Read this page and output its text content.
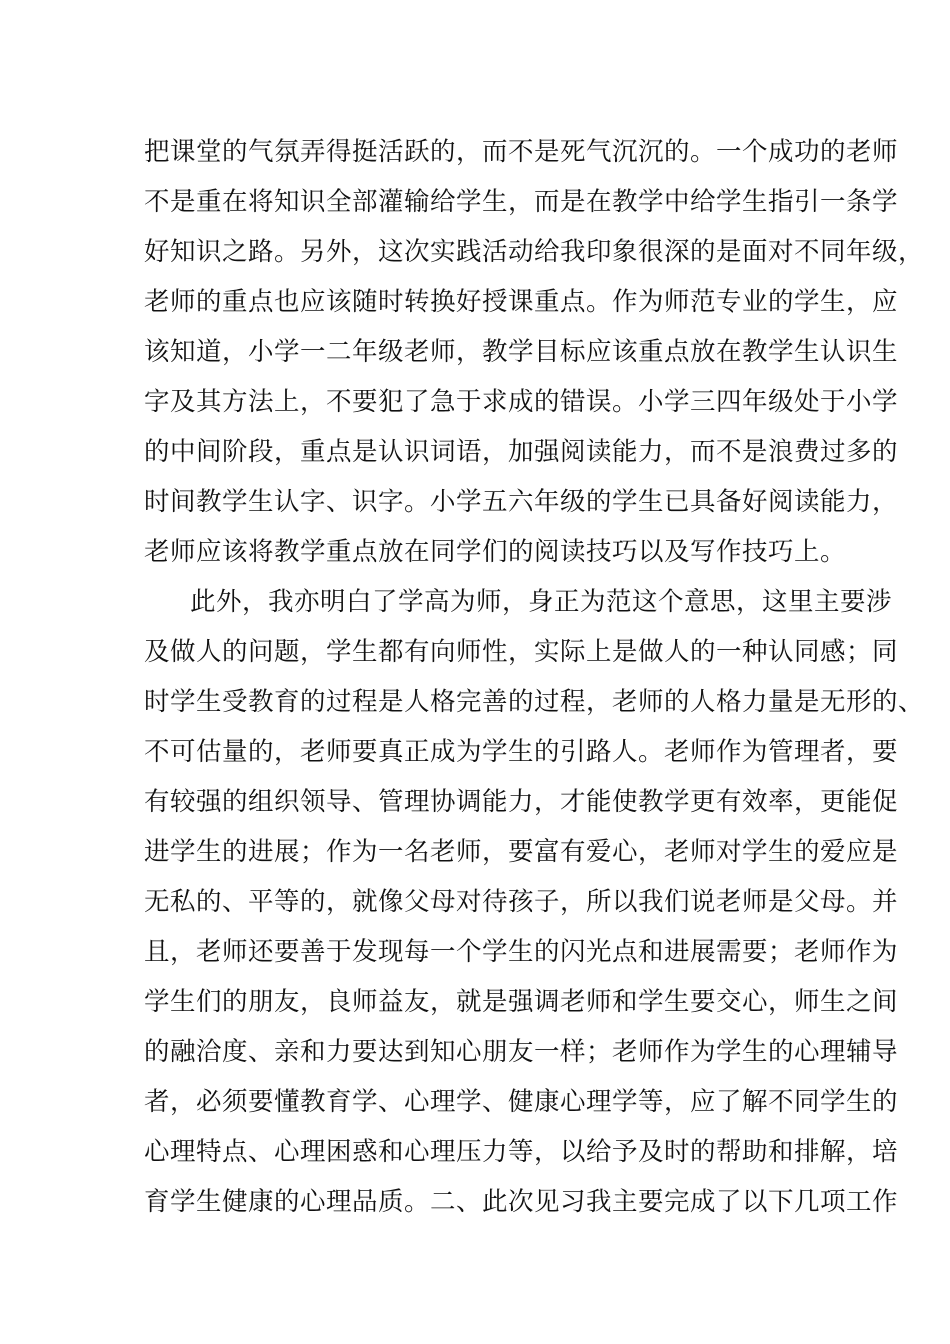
把课堂的气氛弄得挺活跃的，而不是死气沉沉的。一个成功的老师
不是重在将知识全部灌输给学生，而是在教学中给学生指引一条学
好知识之路。另外，这次实践活动给我印象很深的是面对不同年级，
老师的重点也应该随时转换好授课重点。作为师范专业的学生，应
该知道，小学一二年级老师，教学目标应该重点放在教学生认识生
字及其方法上，不要犯了急于求成的错误。小学三四年级处于小学
的中间阶段，重点是认识词语，加强阅读能力，而不是浪费过多的
时间教学生认字、识字。小学五六年级的学生已具备好阅读能力，
老师应该将教学重点放在同学们的阅读技巧以及写作技巧上。
此外，我亦明白了学高为师，身正为范这个意思，这里主要涉
及做人的问题，学生都有向师性，实际上是做人的一种认同感；同
时学生受教育的过程是人格完善的过程，老师的人格力量是无形的、
不可估量的，老师要真正成为学生的引路人。老师作为管理者，要
有较强的组织领导、管理协调能力，才能使教学更有效率，更能促
进学生的进展；作为一名老师，要富有爱心，老师对学生的爱应是
无私的、平等的，就像父母对待孩子，所以我们说老师是父母。并
且，老师还要善于发现每一个学生的闪光点和进展需要；老师作为
学生们的朋友，良师益友，就是强调老师和学生要交心，师生之间
的融洽度、亲和力要达到知心朋友一样；老师作为学生的心理辅导
者，必须要懂教育学、心理学、健康心理学等，应了解不同学生的
心理特点、心理困惑和心理压力等，以给予及时的帮助和排解，培
育学生健康的心理品质。二、此次见习我主要完成了以下几项工作
